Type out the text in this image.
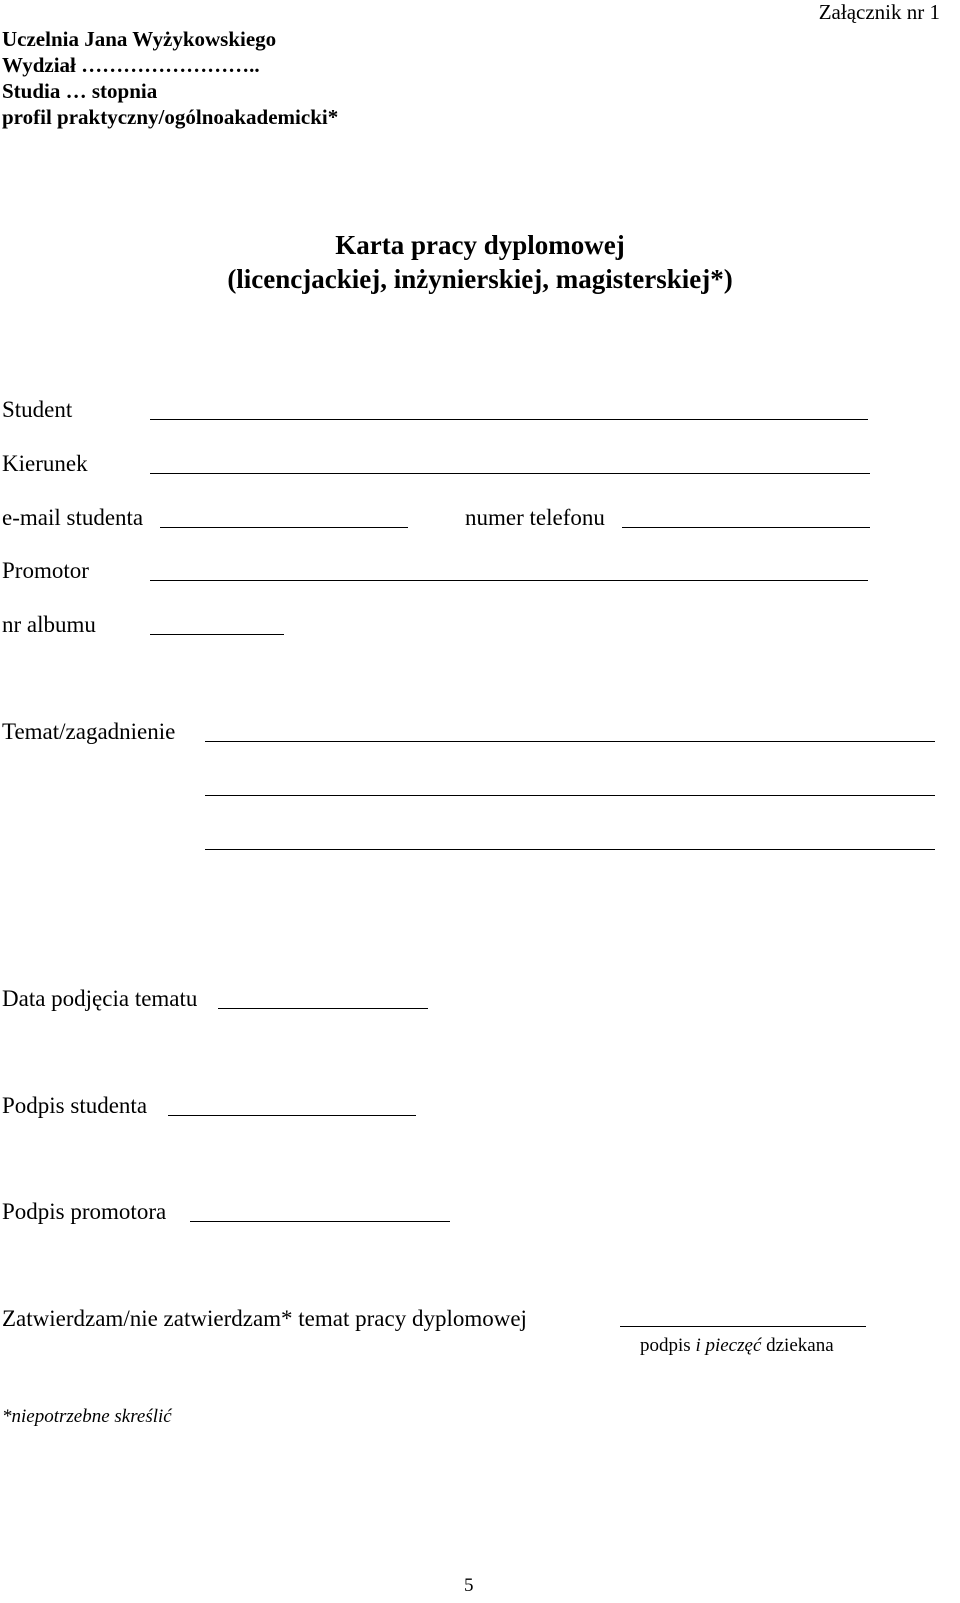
Uczelnia Jana Wyżykowskiego
Wydział ……………………..
Studia … stopnia
profil praktyczny/ogólnoakademicki*
Załącznik nr 1
Karta pracy dyplomowej
(licencjackiej, inżynierskiej, magisterskiej*)
Student
Kierunek
e-mail studenta	numer telefonu
Promotor
nr albumu
Temat/zagadnienie
Data podjęcia tematu
Podpis studenta
Podpis promotora
Zatwierdzam/nie zatwierdzam* temat pracy dyplomowej
podpis i pieczęć dziekana
*niepotrzebne skreślić
5
